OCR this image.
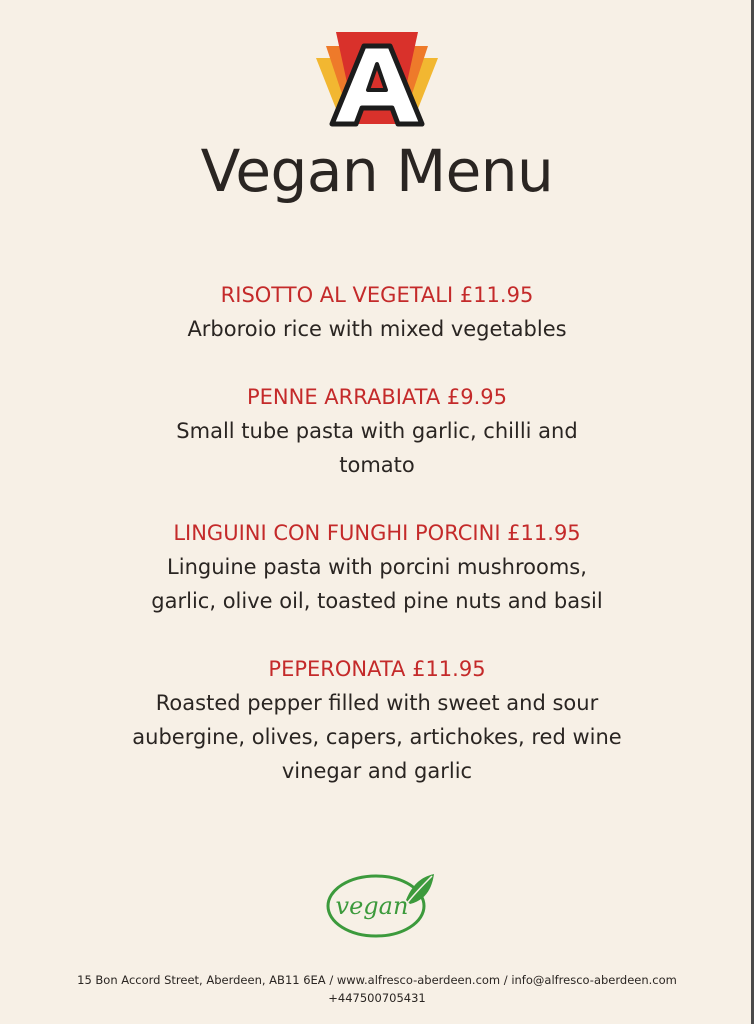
Vegan Menu
RISOTTO AL VEGETALI £11.95
Arboroio rice with mixed vegetables
PENNE ARRABIATA £9.95
Small tube pasta with garlic, chilli and tomato
LINGUINI CON FUNGHI PORCINI £11.95
Linguine pasta with porcini mushrooms, garlic, olive oil, toasted pine nuts and basil
PEPERONATA £11.95
Roasted pepper filled with sweet and sour aubergine, olives, capers, artichokes, red wine vinegar and garlic
vegan
15 Bon Accord Street, Aberdeen, AB11 6EA / www.alfresco-aberdeen.com / info@alfresco-aberdeen.com
+447500705431
